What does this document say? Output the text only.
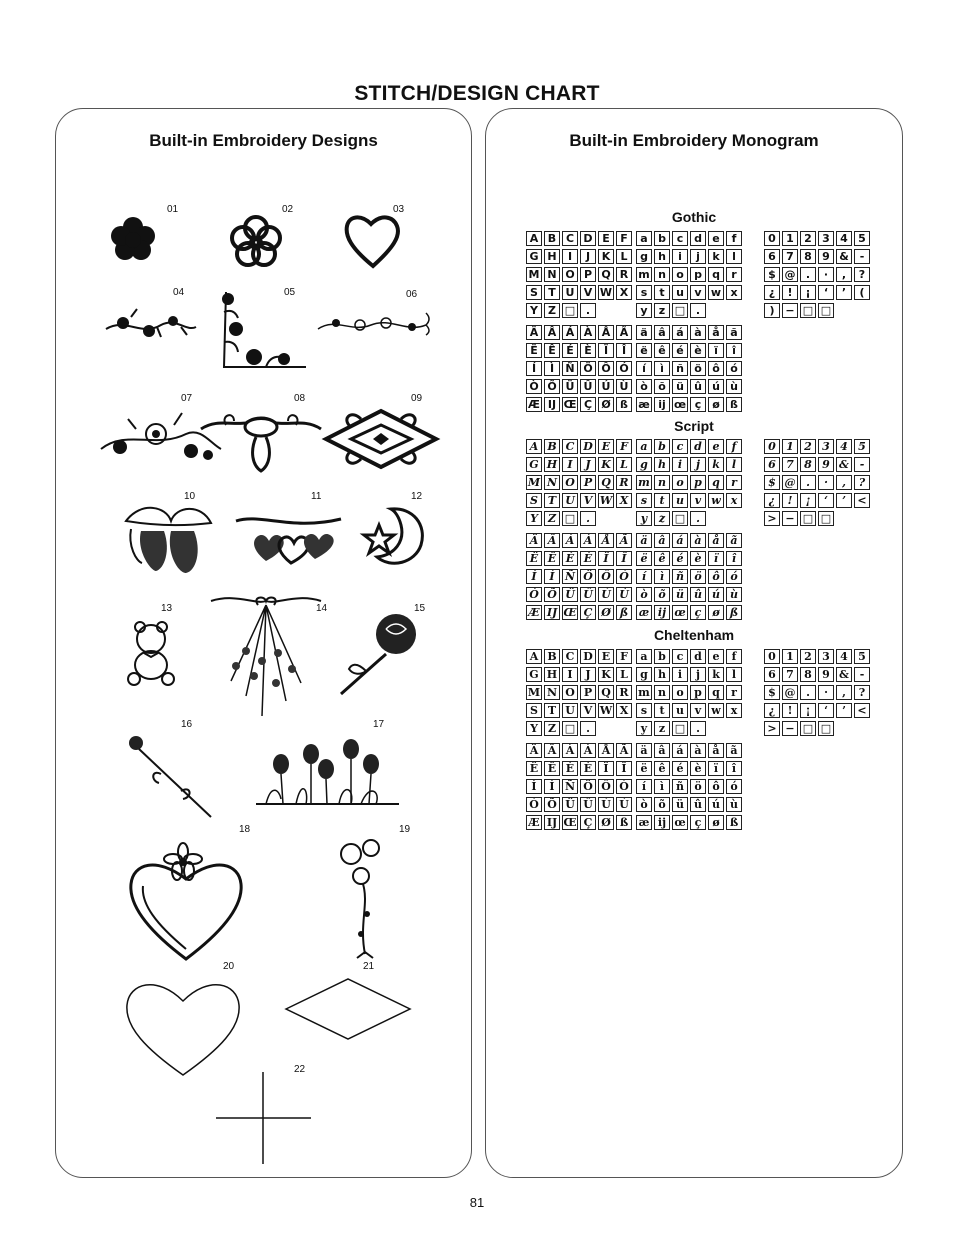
STITCH/DESIGN CHART
Built-in Embroidery Designs
01	02	03
04	05	06
07	08	09
10	11	12
13	14	15
16	17
18	19
20	21
22
Built-in Embroidery Monogram
Gothic
A B C D E F
G H	I	J	K L
M N O P Q R
S T U V W X
Y Z □ .
a b c d e	f
g h	i	j	k	l
m n o p q	r
s	t	u v w x
y	z □ .
0 1 2 3 4 5
6 7 8 9 & -
$ @ .	·	,	?
¿	!	¡	‘	’	(
) − □ □
Ä Â Á À Å Ã
Ë Ê É È	Ï	Î
Í	Ì	Ñ Ö Ô Ó
Ò Õ Ü Û Ú Ù
Æ IJ Œ Ç Ø ß
ä â á à å ã
ë ê é è	ï	î
í	ì	ñ ö ô ó
ò õ ü û ú ù
æ ij œ ç ø ß
Script
A B C D E F
G H I	J K L
M N O P Q R
S T U V W X
Y Z □ .
a b c d e	f
g h	i	j	k	l
m n o p q	r
s	t	u v w x
y	z □ .
0 1 2 3 4 5
6 7 8 9 & -
$ @ .	·	,	?
¿	!	¡	‘	’	<
> − □ □
Ä Â Á À Å Ã
Ë Ê É È	Ï	Î
Í	Ì Ñ Ö Ô Ó
Ò Õ Ü Û Ú Ù
Æ IJ Œ Ç Ø ß
ä â á à å ã
ë	ê	é	è	ï	î
í	ì	ñ ö ô ó
ò õ ü û ú ù
æ ij œ ç ø ß
Cheltenham
A B C D E F
G H I	J K L
M N O P Q R
S T U V W X
Y Z □ .
a b c d e	f
g h	i	j	k	l
m n o p q	r
s	t	u v w x
y	z □ .
0 1 2 3 4 5
6 7 8 9 & -
$ @ .	·	,	?
¿	!	¡	‘	’	<
> − □ □
Ä Â Á À Å Ã
Ë Ê É È	Ï	Î
Í	Ì Ñ Ö Ô Ó
Ò Õ Ü Û Ú Ù
Æ IJ Œ Ç Ø ß
ä â á à å ã
ë	ê	é	è	ï	î
í	ì	ñ ö ô ó
ò õ ü û ú ù
æ ij œ ç ø ß
81
